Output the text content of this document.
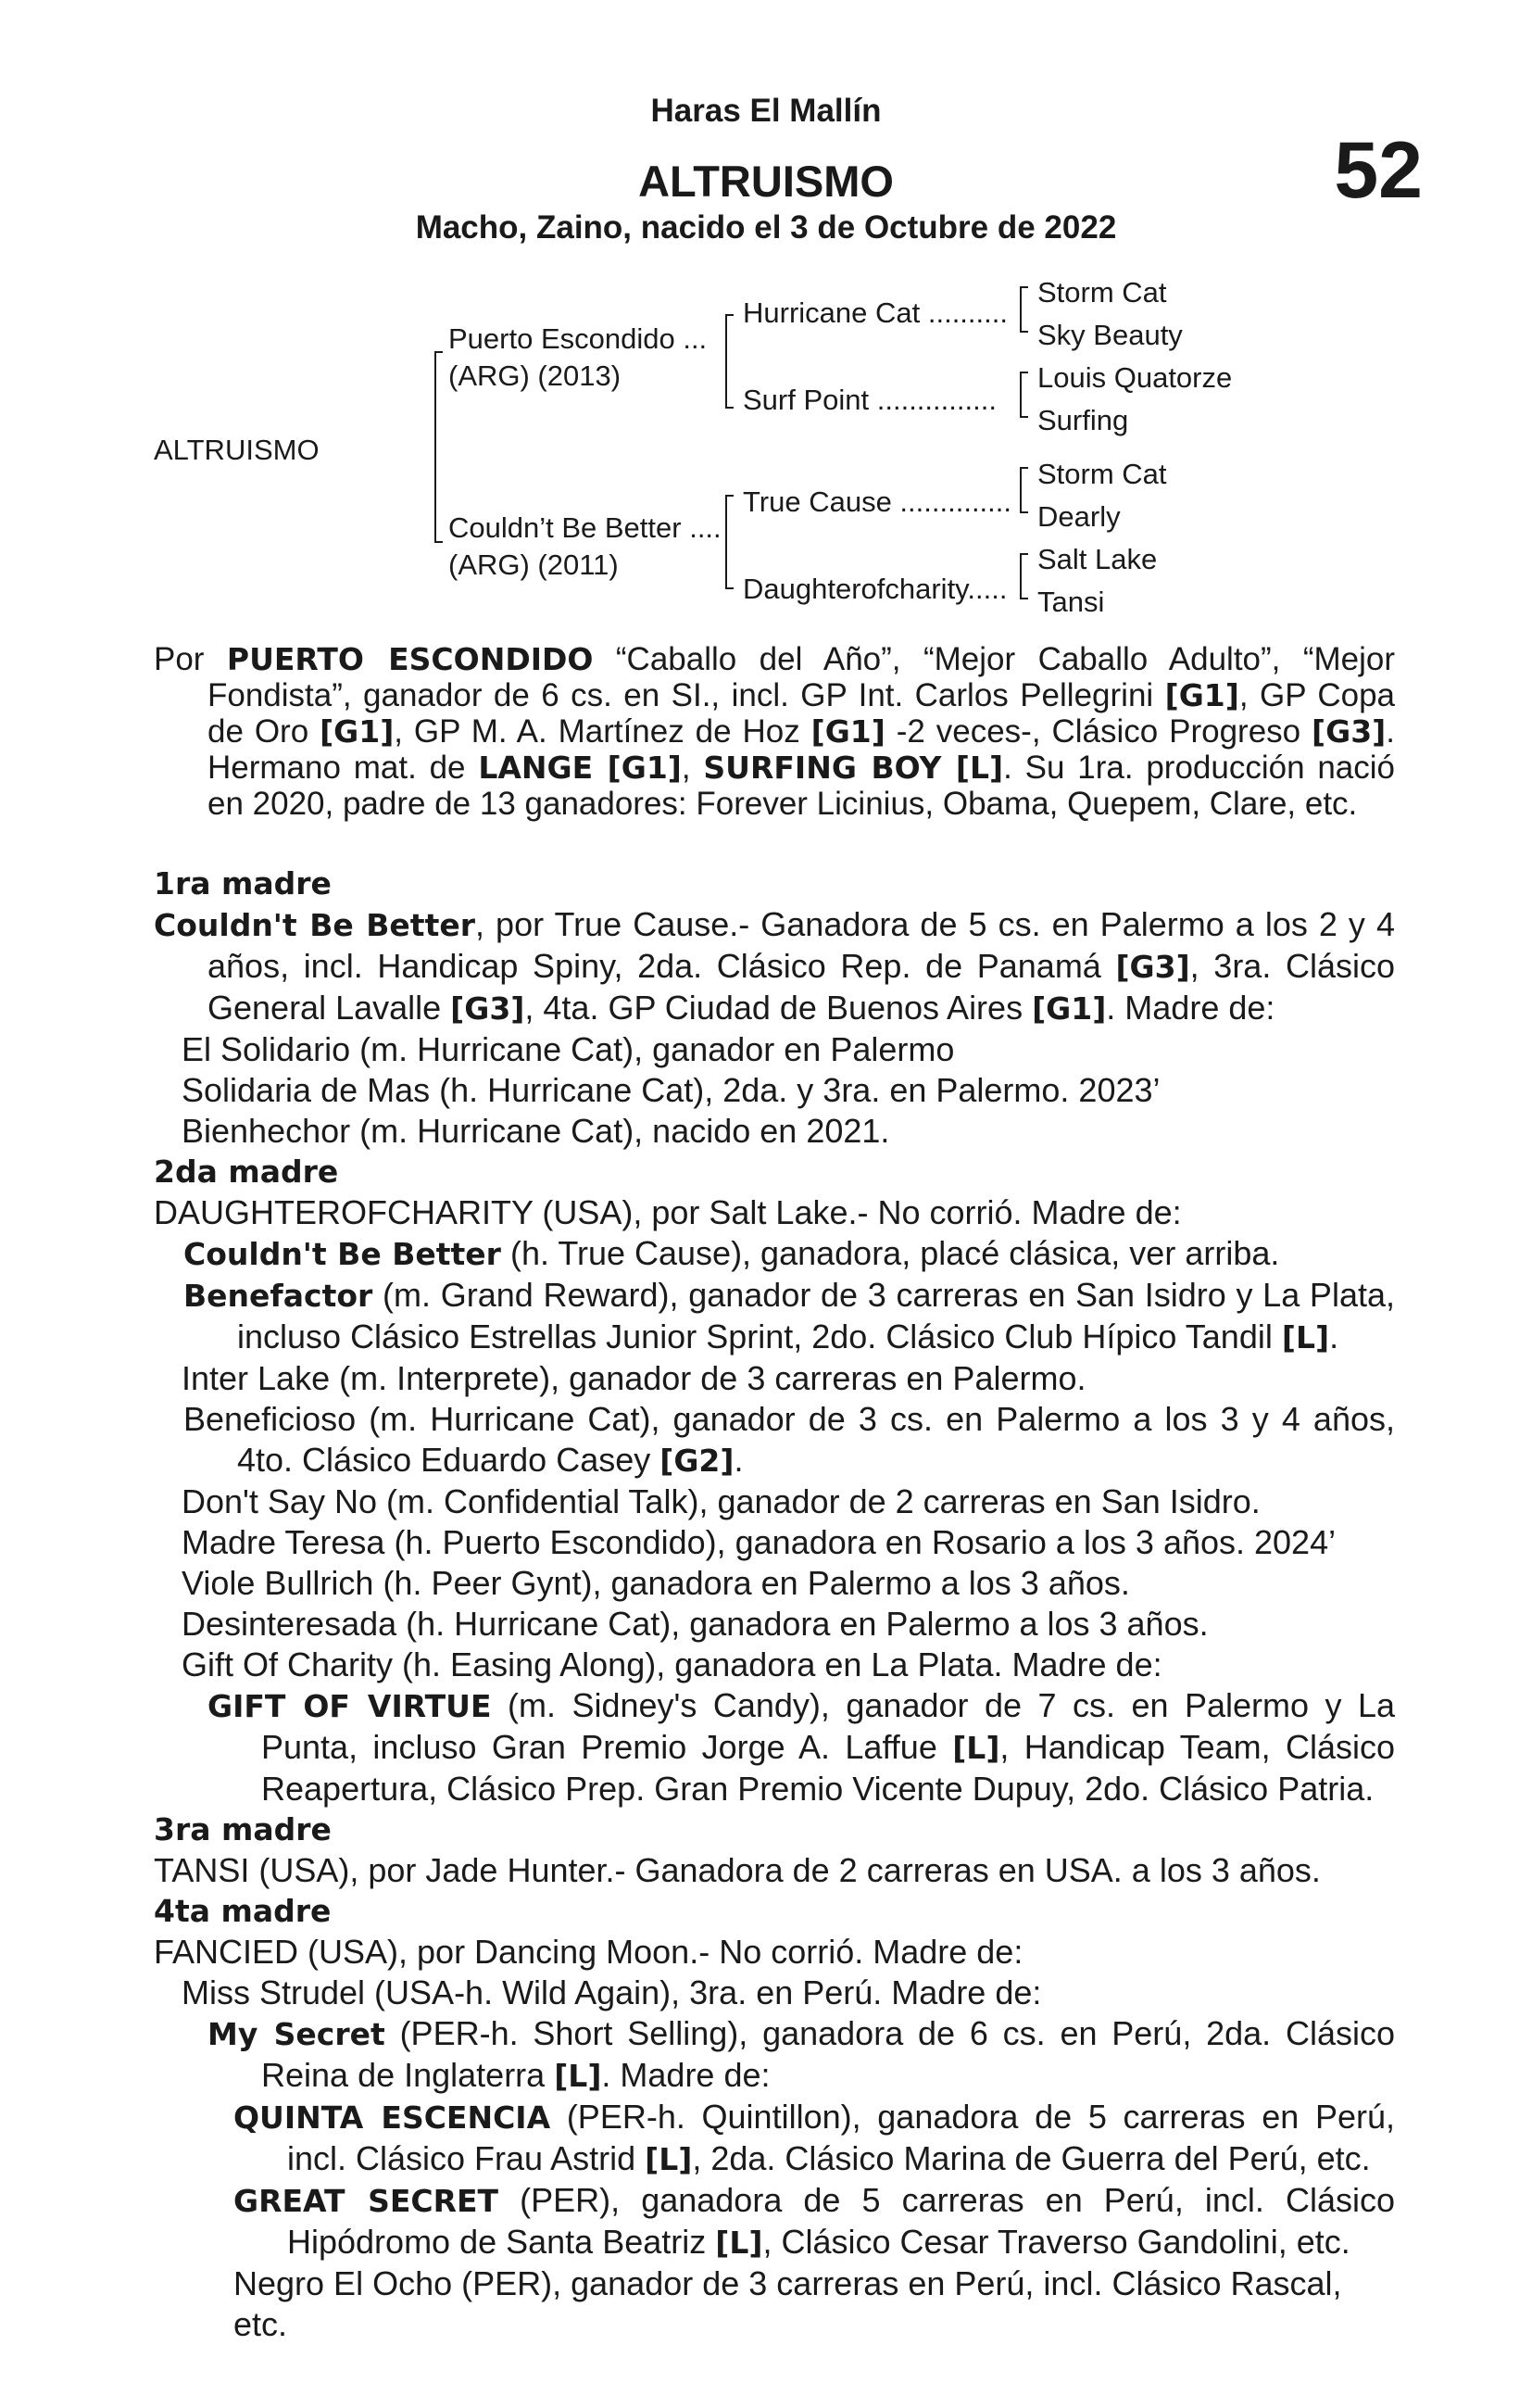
Haras El Mallín
ALTRUISMO
Macho, Zaino, nacido el 3 de Octubre de 2022
52
ALTRUISMO
Puerto Escondido ...
(ARG) (2013)
Couldn’t Be Better ....
(ARG) (2011)
Hurricane Cat ..........
Surf Point ...............
True Cause ..............
Daughterofcharity.....
Storm Cat
Sky Beauty
Louis Quatorze
Surfing
Storm Cat
Dearly
Salt Lake
Tansi

Por PUERTO ESCONDIDO “Caballo del Año”, “Mejor Caballo Adulto”, “Mejor Fondista”, ganador de 6 cs. en SI., incl. GP Int. Carlos Pellegrini [G1], GP Copa de Oro [G1], GP M. A. Martínez de Hoz [G1] -2 veces-, Clásico Progreso [G3]. Hermano mat. de LANGE [G1], SURFING BOY [L]. Su 1ra. producción nació en 2020, padre de 13 ganadores: Forever Licinius, Obama, Quepem, Clare, etc.

1ra madre

Couldn't Be Better, por True Cause.- Ganadora de 5 cs. en Palermo a los 2 y 4 años, incl. Handicap Spiny, 2da. Clásico Rep. de Panamá [G3], 3ra. Clásico General Lavalle [G3], 4ta. GP Ciudad de Buenos Aires [G1]. Madre de:

El Solidario (m. Hurricane Cat), ganador en Palermo

Solidaria de Mas (h. Hurricane Cat), 2da. y 3ra. en Palermo. 2023’

Bienhechor (m. Hurricane Cat), nacido en 2021.

2da madre

DAUGHTEROFCHARITY (USA), por Salt Lake.- No corrió. Madre de:

Couldn't Be Better (h. True Cause), ganadora, placé clásica, ver arriba.

Benefactor (m. Grand Reward), ganador de 3 carreras en San Isidro y La Plata, incluso Clásico Estrellas Junior Sprint, 2do. Clásico Club Hípico Tandil [L].

Inter Lake (m. Interprete), ganador de 3 carreras en Palermo.

Beneficioso (m. Hurricane Cat), ganador de 3 cs. en Palermo a los 3 y 4 años, 4to. Clásico Eduardo Casey [G2].

Don't Say No (m. Confidential Talk), ganador de 2 carreras en San Isidro.

Madre Teresa (h. Puerto Escondido), ganadora en Rosario a los 3 años. 2024’

Viole Bullrich (h. Peer Gynt), ganadora en Palermo a los 3 años.

Desinteresada (h. Hurricane Cat), ganadora en Palermo a los 3 años.

Gift Of Charity (h. Easing Along), ganadora en La Plata. Madre de:

GIFT OF VIRTUE (m. Sidney's Candy), ganador de 7 cs. en Palermo y La Punta, incluso Gran Premio Jorge A. Laffue [L], Handicap Team, Clásico Reapertura, Clásico Prep. Gran Premio Vicente Dupuy, 2do. Clásico Patria.

3ra madre

TANSI (USA), por Jade Hunter.- Ganadora de 2 carreras en USA. a los 3 años.

4ta madre

FANCIED (USA), por Dancing Moon.- No corrió. Madre de:

Miss Strudel (USA-h. Wild Again), 3ra. en Perú. Madre de:

My Secret (PER-h. Short Selling), ganadora de 6 cs. en Perú, 2da. Clásico Reina de Inglaterra [L]. Madre de:

QUINTA ESCENCIA (PER-h. Quintillon), ganadora de 5 carreras en Perú, incl. Clásico Frau Astrid [L], 2da. Clásico Marina de Guerra del Perú, etc.

GREAT SECRET (PER), ganadora de 5 carreras en Perú, incl. Clásico Hipódromo de Santa Beatriz [L], Clásico Cesar Traverso Gandolini, etc.

Negro El Ocho (PER), ganador de 3 carreras en Perú, incl. Clásico Rascal, etc.
